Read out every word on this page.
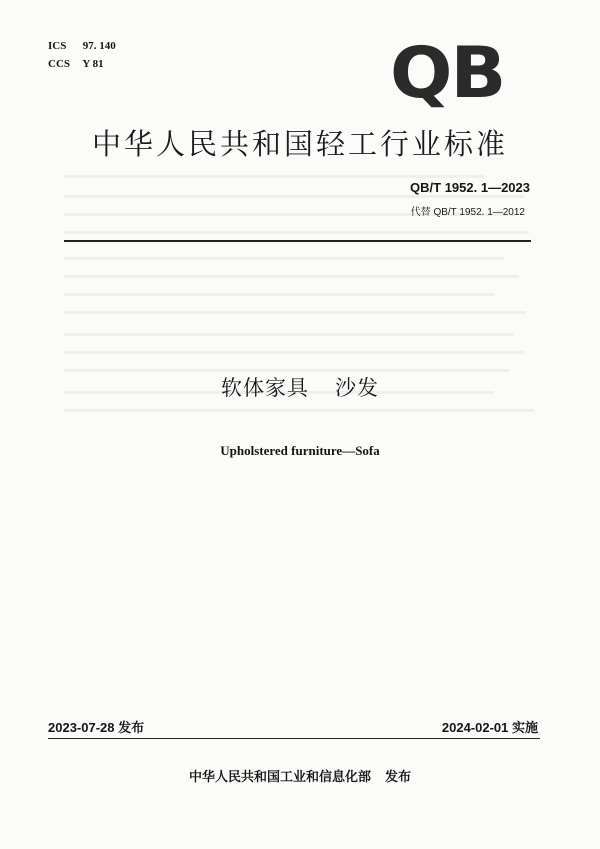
ICS 97. 140
CCS Y 81	QB
中华人民共和国轻工行业标准
QB/T 1952. 1—2023
代替 QB/T 1952. 1—2012
软体家具 沙发
Upholstered furniture—Sofa
2023-07-28 发布	2024-02-01 实施
中华人民共和国工业和信息化部 发布
